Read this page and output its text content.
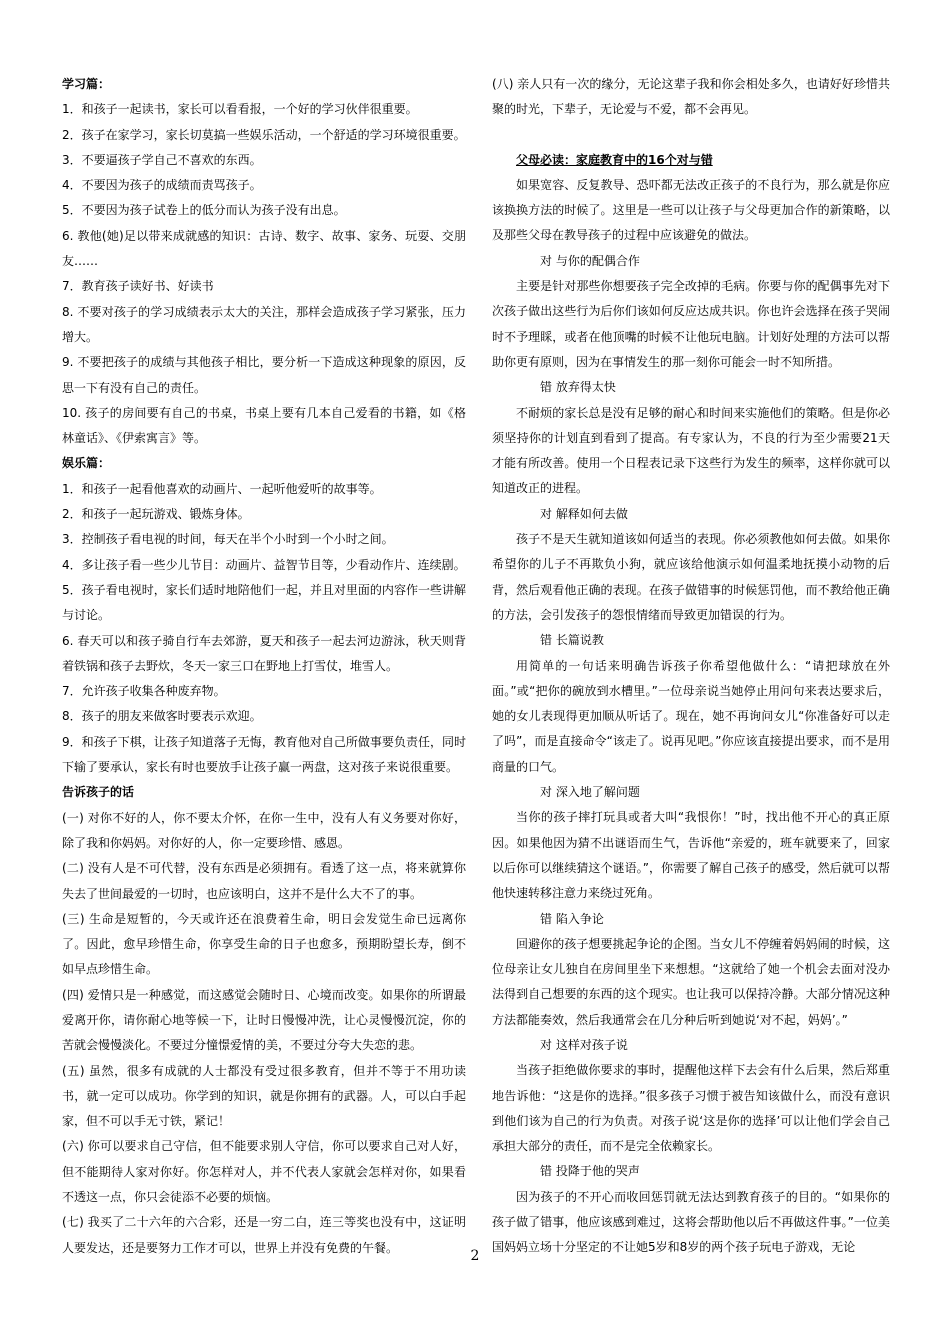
学习篇：

1．和孩子一起读书，家长可以看看报，一个好的学习伙伴很重要。

2．孩子在家学习，家长切莫搞一些娱乐活动，一个舒适的学习环境很重要。

3．不要逼孩子学自己不喜欢的东西。

4．不要因为孩子的成绩而责骂孩子。

5．不要因为孩子试卷上的低分而认为孩子没有出息。

6. 教他(她)足以带来成就感的知识：古诗、数字、故事、家务、玩耍、交朋友……

7．教育孩子读好书、好读书

8. 不要对孩子的学习成绩表示太大的关注，那样会造成孩子学习紧张，压力增大。

9. 不要把孩子的成绩与其他孩子相比，要分析一下造成这种现象的原因，反思一下有没有自己的责任。

10. 孩子的房间要有自己的书桌，书桌上要有几本自己爱看的书籍，如《格林童话》、《伊索寓言》等。

娱乐篇：

1．和孩子一起看他喜欢的动画片、一起听他爱听的故事等。

2．和孩子一起玩游戏、锻炼身体。

3．控制孩子看电视的时间，每天在半个小时到一个小时之间。

4．多让孩子看一些少儿节目：动画片、益智节目等，少看动作片、连续剧。

5．孩子看电视时，家长们适时地陪他们一起，并且对里面的内容作一些讲解与讨论。

6. 春天可以和孩子骑自行车去郊游，夏天和孩子一起去河边游泳，秋天则背着铁锅和孩子去野炊，冬天一家三口在野地上打雪仗，堆雪人。

7．允许孩子收集各种废弃物。

8．孩子的朋友来做客时要表示欢迎。

9．和孩子下棋，让孩子知道落子无悔，教育他对自己所做事要负责任，同时下输了要承认，家长有时也要放手让孩子赢一两盘，这对孩子来说很重要。

告诉孩子的话

(一) 对你不好的人，你不要太介怀，在你一生中，没有人有义务要对你好，除了我和你妈妈。对你好的人，你一定要珍惜、感恩。

(二) 没有人是不可代替，没有东西是必须拥有。看透了这一点，将来就算你失去了世间最爱的一切时，也应该明白，这并不是什么大不了的事。

(三) 生命是短暂的，今天或许还在浪费着生命，明日会发觉生命已远离你了。因此，愈早珍惜生命，你享受生命的日子也愈多，预期盼望长寿，倒不如早点珍惜生命。

(四) 爱情只是一种感觉，而这感觉会随时日、心境而改变。如果你的所谓最爱离开你，请你耐心地等候一下，让时日慢慢冲洗，让心灵慢慢沉淀，你的苦就会慢慢淡化。不要过分憧憬爱情的美，不要过分夸大失恋的悲。

(五) 虽然，很多有成就的人士都没有受过很多教育，但并不等于不用功读书，就一定可以成功。你学到的知识，就是你拥有的武器。人，可以白手起家，但不可以手无寸铁，紧记！

(六) 你可以要求自己守信，但不能要求别人守信，你可以要求自己对人好，但不能期待人家对你好。你怎样对人，并不代表人家就会怎样对你，如果看不透这一点，你只会徒添不必要的烦恼。

(七) 我买了二十六年的六合彩，还是一穷二白，连三等奖也没有中，这证明人要发达，还是要努力工作才可以，世界上并没有免费的午餐。

(八) 亲人只有一次的缘分，无论这辈子我和你会相处多久，也请好好珍惜共聚的时光，下辈子，无论爱与不爱，都不会再见。

父母必读：家庭教育中的16个对与错

如果宽容、反复教导、恐吓都无法改正孩子的不良行为，那么就是你应该换换方法的时候了。这里是一些可以让孩子与父母更加合作的新策略，以及那些父母在教导孩子的过程中应该避免的做法。

对 与你的配偶合作

主要是针对那些你想要孩子完全改掉的毛病。你要与你的配偶事先对下次孩子做出这些行为后你们该如何反应达成共识。你也许会选择在孩子哭闹时不予理睬，或者在他顶嘴的时候不让他玩电脑。计划好处理的方法可以帮助你更有原则，因为在事情发生的那一刻你可能会一时不知所措。

错 放弃得太快

不耐烦的家长总是没有足够的耐心和时间来实施他们的策略。但是你必须坚持你的计划直到看到了提高。有专家认为，不良的行为至少需要21天才能有所改善。使用一个日程表记录下这些行为发生的频率，这样你就可以知道改正的进程。

对 解释如何去做

孩子不是天生就知道该如何适当的表现。你必须教他如何去做。如果你希望你的儿子不再欺负小狗，就应该给他演示如何温柔地抚摸小动物的后背，然后观看他正确的表现。在孩子做错事的时候惩罚他，而不教给他正确的方法，会引发孩子的怨恨情绪而导致更加错误的行为。

错 长篇说教

用简单的一句话来明确告诉孩子你希望他做什么：“请把球放在外面。”或“把你的碗放到水槽里。”一位母亲说当她停止用问句来表达要求后，她的女儿表现得更加顺从听话了。现在，她不再询问女儿“你准备好可以走了吗”，而是直接命令“该走了。说再见吧。”你应该直接提出要求，而不是用商量的口气。

对 深入地了解问题

当你的孩子摔打玩具或者大叫“我恨你！”时，找出他不开心的真正原因。如果他因为猜不出谜语而生气，告诉他“亲爱的，班车就要来了，回家以后你可以继续猜这个谜语。”，你需要了解自己孩子的感受，然后就可以帮他快速转移注意力来绕过死角。

错 陷入争论

回避你的孩子想要挑起争论的企图。当女儿不停缠着妈妈闹的时候，这位母亲让女儿独自在房间里坐下来想想。“这就给了她一个机会去面对没办法得到自己想要的东西的这个现实。也让我可以保持冷静。大部分情况这种方法都能奏效，然后我通常会在几分种后听到她说‘对不起，妈妈’。”

对 这样对孩子说

当孩子拒绝做你要求的事时，提醒他这样下去会有什么后果，然后郑重地告诉他：“这是你的选择。”很多孩子习惯于被告知该做什么，而没有意识到他们该为自己的行为负责。对孩子说‘这是你的选择’可以让他们学会自己承担大部分的责任，而不是完全依赖家长。

错 投降于他的哭声

因为孩子的不开心而收回惩罚就无法达到教育孩子的目的。“如果你的孩子做了错事，他应该感到难过，这将会帮助他以后不再做这件事。”一位美国妈妈立场十分坚定的不让她5岁和8岁的两个孩子玩电子游戏，无论

2
